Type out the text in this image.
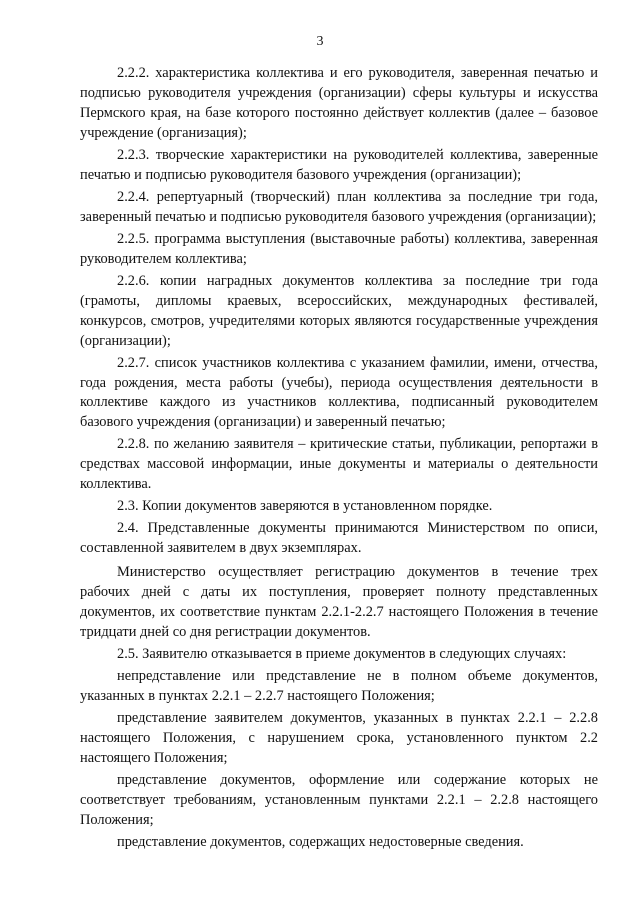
3

2.2.2. характеристика коллектива и его руководителя, заверенная печатью и подписью руководителя учреждения (организации) сферы культуры и искусства Пермского края, на базе которого постоянно действует коллектив (далее – базовое учреждение (организация);

2.2.3. творческие характеристики на руководителей коллектива, заверенные печатью и подписью руководителя базового учреждения (организации);

2.2.4. репертуарный (творческий) план коллектива за последние три года, заверенный печатью и подписью руководителя базового учреждения (организации);

2.2.5. программа выступления (выставочные работы) коллектива, заверенная руководителем коллектива;

2.2.6. копии наградных документов коллектива за последние три года (грамоты, дипломы краевых, всероссийских, международных фестивалей, конкурсов, смотров, учредителями которых являются государственные учреждения (организации);

2.2.7. список участников коллектива с указанием фамилии, имени, отчества, года рождения, места работы (учебы), периода осуществления деятельности в коллективе каждого из участников коллектива, подписанный руководителем базового учреждения (организации) и заверенный печатью;

2.2.8. по желанию заявителя – критические статьи, публикации, репортажи в средствах массовой информации, иные документы и материалы о деятельности коллектива.

2.3. Копии документов заверяются в установленном порядке.

2.4. Представленные документы принимаются Министерством по описи, составленной заявителем в двух экземплярах.

Министерство осуществляет регистрацию документов в течение трех рабочих дней с даты их поступления, проверяет полноту представленных документов, их соответствие пунктам 2.2.1-2.2.7 настоящего Положения в течение тридцати дней со дня регистрации документов.

2.5. Заявителю отказывается в приеме документов в следующих случаях:

непредставление или представление не в полном объеме документов, указанных в пунктах 2.2.1 – 2.2.7 настоящего Положения;

представление заявителем документов, указанных в пунктах 2.2.1 – 2.2.8 настоящего Положения, с нарушением срока, установленного пунктом 2.2 настоящего Положения;

представление документов, оформление или содержание которых не соответствует требованиям, установленным пунктами 2.2.1 – 2.2.8 настоящего Положения;

представление документов, содержащих недостоверные сведения.
